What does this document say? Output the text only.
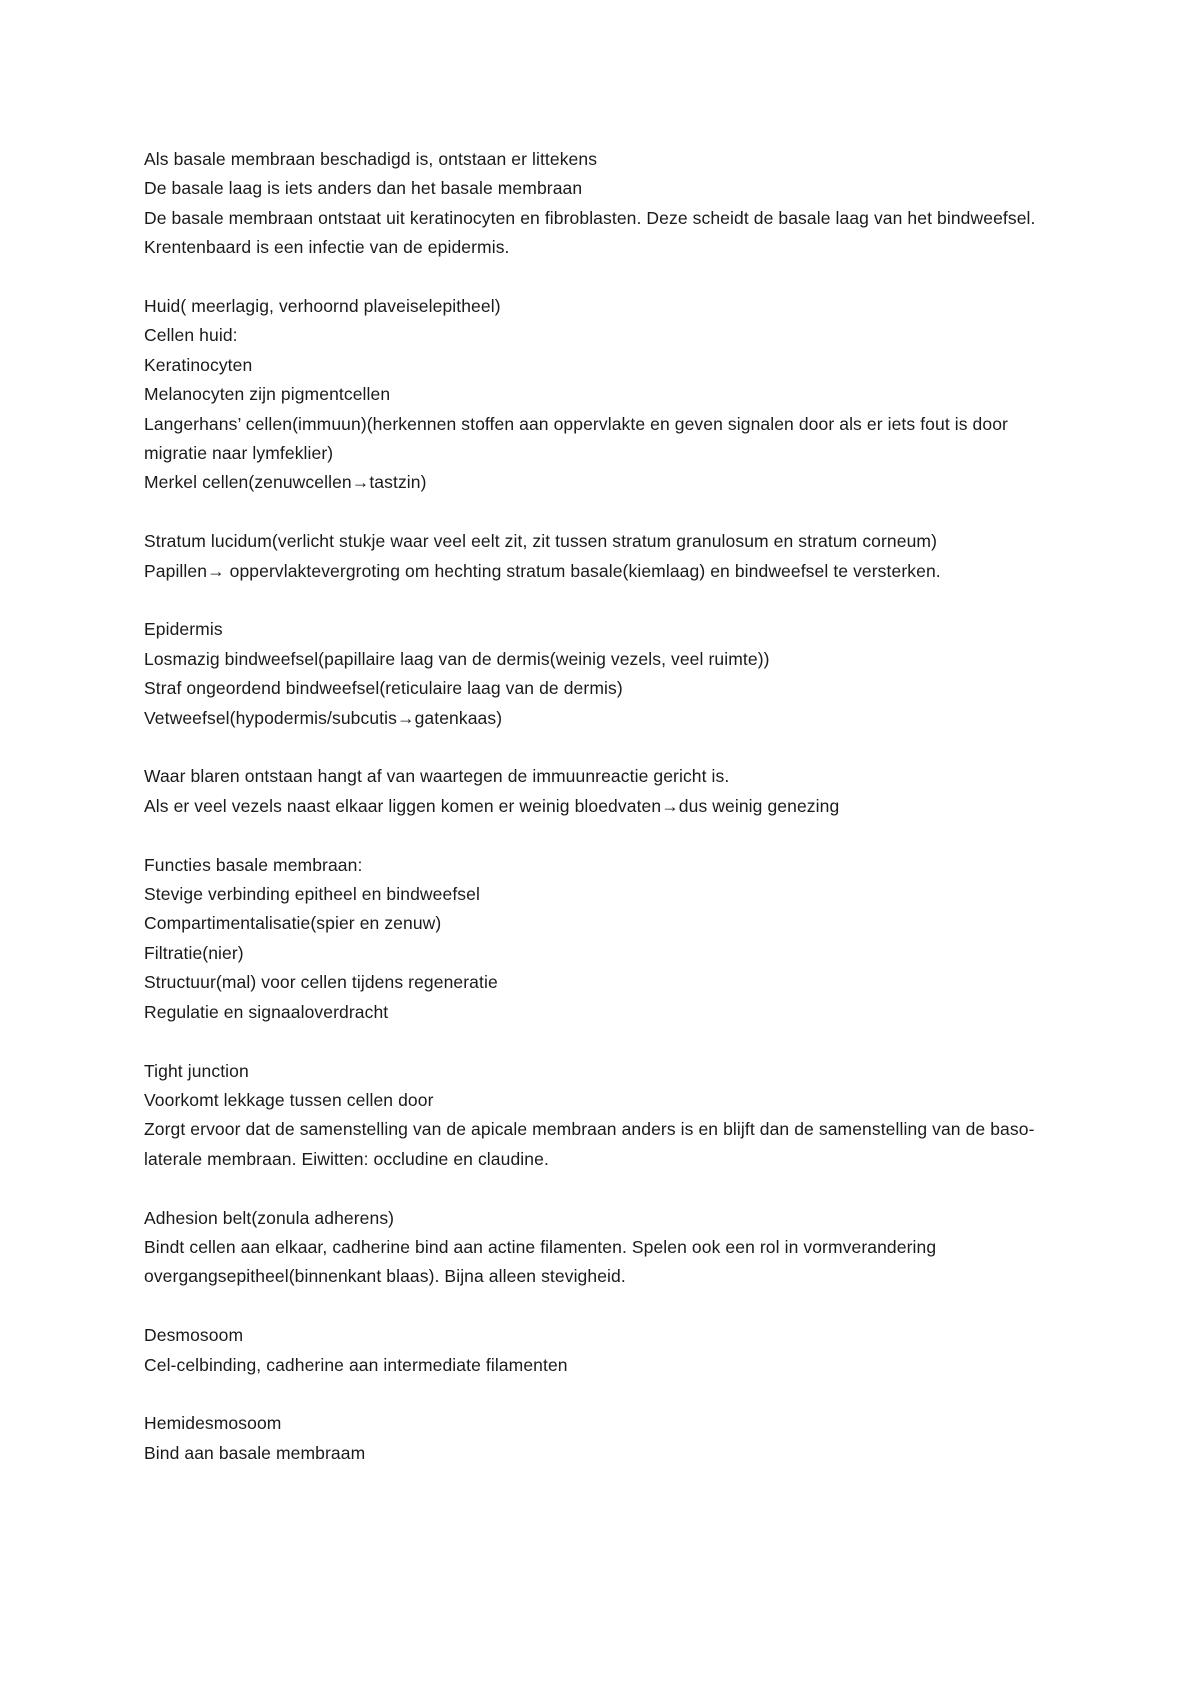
Als basale membraan beschadigd is, ontstaan er littekens

De basale laag is iets anders dan het basale membraan

De basale membraan ontstaat uit keratinocyten en fibroblasten. Deze scheidt de basale laag van het bindweefsel.

Krentenbaard is een infectie van de epidermis.

Huid( meerlagig, verhoornd plaveiselepitheel)

Cellen huid:

Keratinocyten

Melanocyten zijn pigmentcellen

Langerhans’ cellen(immuun)(herkennen stoffen aan oppervlakte en geven signalen door als er iets fout is door migratie naar lymfeklier)

Merkel cellen(zenuwcellen→tastzin)

Stratum lucidum(verlicht stukje waar veel eelt zit, zit tussen stratum granulosum en stratum corneum)

Papillen→ oppervlaktevergroting om hechting stratum basale(kiemlaag) en bindweefsel te versterken.

Epidermis

Losmazig bindweefsel(papillaire laag van de dermis(weinig vezels, veel ruimte))

Straf ongeordend bindweefsel(reticulaire laag van de dermis)

Vetweefsel(hypodermis/subcutis→gatenkaas)

Waar blaren ontstaan hangt af van waartegen de immuunreactie gericht is.

Als er veel vezels naast elkaar liggen komen er weinig bloedvaten→dus weinig genezing

Functies basale membraan:

Stevige verbinding epitheel en bindweefsel

Compartimentalisatie(spier en zenuw)

Filtratie(nier)

Structuur(mal) voor cellen tijdens regeneratie

Regulatie en signaaloverdracht

Tight junction

Voorkomt lekkage tussen cellen door

Zorgt ervoor dat de samenstelling van de apicale membraan anders is en blijft dan de samenstelling van de baso-laterale membraan. Eiwitten: occludine en claudine.

Adhesion belt(zonula adherens)

Bindt cellen aan elkaar, cadherine bind aan actine filamenten. Spelen ook een rol in vormverandering overgangsepitheel(binnenkant blaas). Bijna alleen stevigheid.

Desmosoom

Cel-celbinding, cadherine aan intermediate filamenten

Hemidesmosoom

Bind aan basale membraam
